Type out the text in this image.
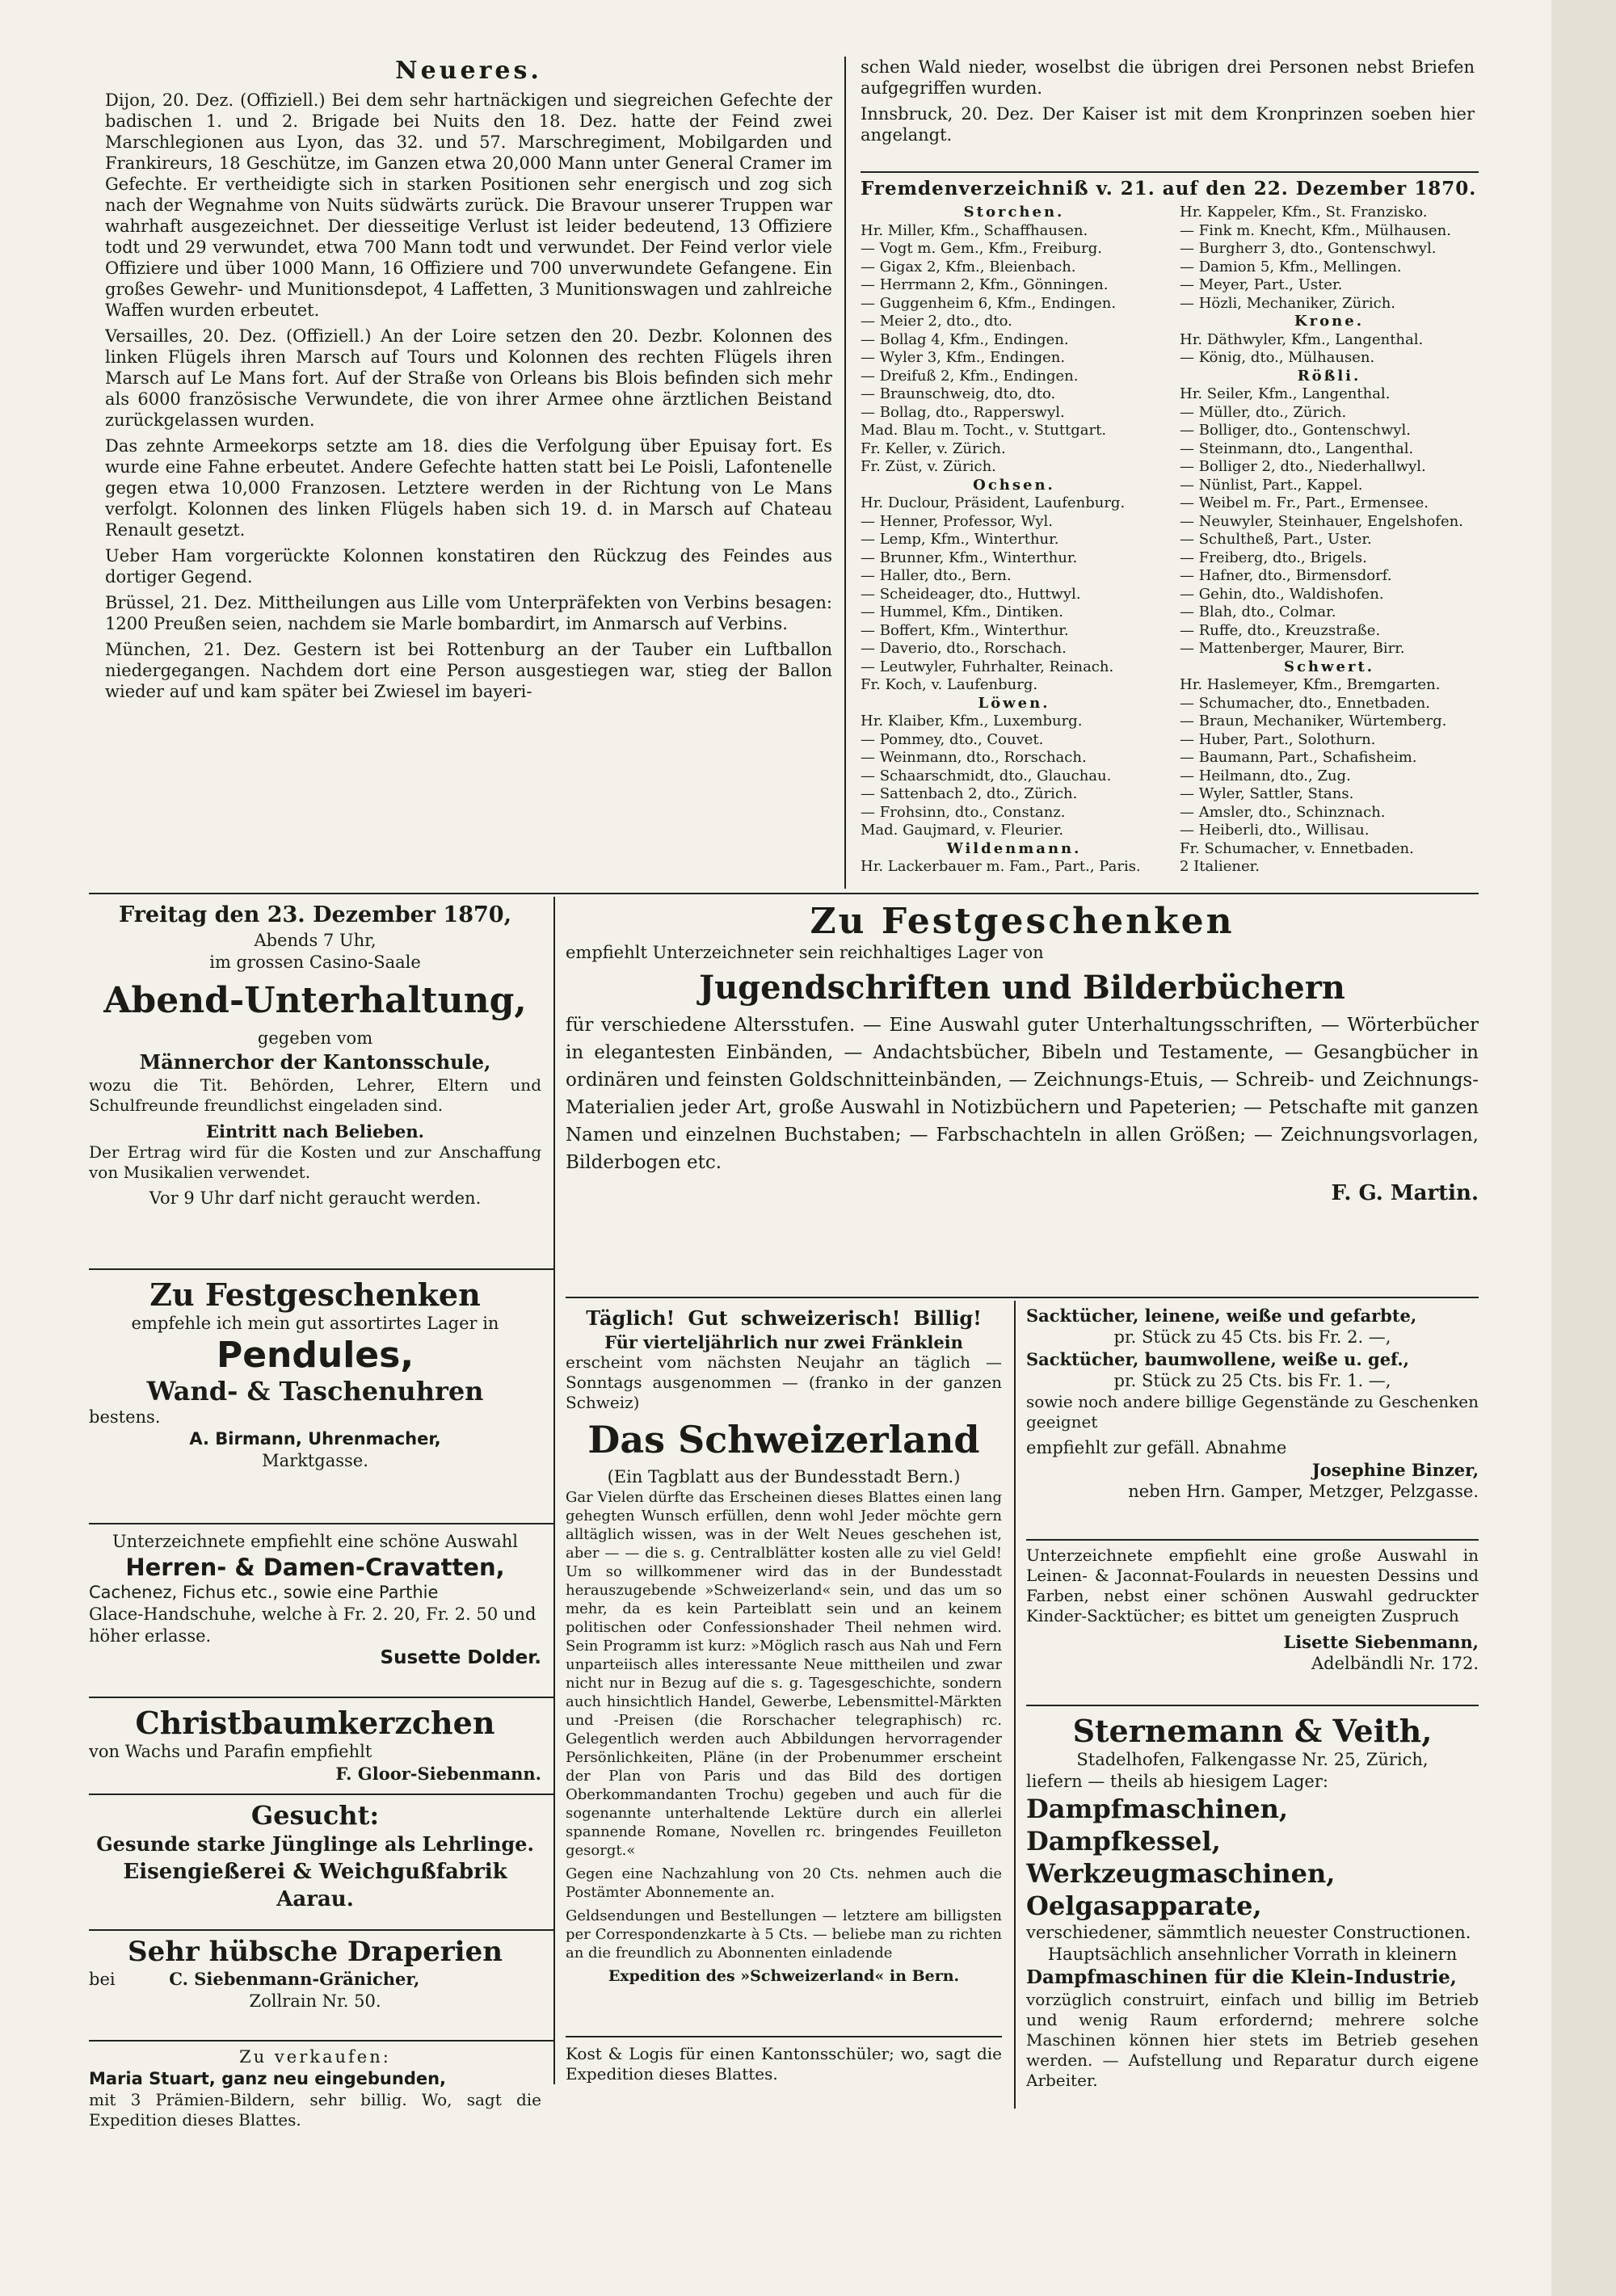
Neueres.

Dijon, 20. Dez. (Offiziell.) Bei dem sehr hartnäckigen und siegreichen Gefechte der badischen 1. und 2. Brigade bei Nuits den 18. Dez. hatte der Feind zwei Marschlegionen aus Lyon, das 32. und 57. Marschregiment, Mobilgarden und Frankireurs, 18 Geschütze, im Ganzen etwa 20,000 Mann unter General Cramer im Gefechte. Er vertheidigte sich in starken Positionen sehr energisch und zog sich nach der Wegnahme von Nuits südwärts zurück. Die Bravour unserer Truppen war wahrhaft ausgezeichnet. Der diesseitige Verlust ist leider bedeutend, 13 Offiziere todt und 29 verwundet, etwa 700 Mann todt und verwundet. Der Feind verlor viele Offiziere und über 1000 Mann, 16 Offiziere und 700 unverwundete Gefangene. Ein großes Gewehr- und Munitionsdepot, 4 Laffetten, 3 Munitionswagen und zahlreiche Waffen wurden erbeutet.

Versailles, 20. Dez. (Offiziell.) An der Loire setzen den 20. Dezbr. Kolonnen des linken Flügels ihren Marsch auf Tours und Kolonnen des rechten Flügels ihren Marsch auf Le Mans fort. Auf der Straße von Orleans bis Blois befinden sich mehr als 6000 französische Verwundete, die von ihrer Armee ohne ärztlichen Beistand zurückgelassen wurden.

Das zehnte Armeekorps setzte am 18. dies die Verfolgung über Epuisay fort. Es wurde eine Fahne erbeutet. Andere Gefechte hatten statt bei Le Poisli, Lafontenelle gegen etwa 10,000 Franzosen. Letztere werden in der Richtung von Le Mans verfolgt. Kolonnen des linken Flügels haben sich 19. d. in Marsch auf Chateau Renault gesetzt.

Ueber Ham vorgerückte Kolonnen konstatiren den Rückzug des Feindes aus dortiger Gegend.

Brüssel, 21. Dez. Mittheilungen aus Lille vom Unterpräfekten von Verbins besagen: 1200 Preußen seien, nachdem sie Marle bombardirt, im Anmarsch auf Verbins.

München, 21. Dez. Gestern ist bei Rottenburg an der Tauber ein Luftballon niedergegangen. Nachdem dort eine Person ausgestiegen war, stieg der Ballon wieder auf und kam später bei Zwiesel im bayeri-

schen Wald nieder, woselbst die übrigen drei Personen nebst Briefen aufgegriffen wurden.

Innsbruck, 20. Dez. Der Kaiser ist mit dem Kronprinzen soeben hier angelangt.

Fremdenverzeichniß v. 21. auf den 22. Dezember 1870.
Storchen.
Hr. Miller, Kfm., Schaffhausen.
— Vogt m. Gem., Kfm., Freiburg.
— Gigax 2, Kfm., Bleienbach.
— Herrmann 2, Kfm., Gönningen.
— Guggenheim 6, Kfm., Endingen.
— Meier 2, dto., dto.
— Bollag 4, Kfm., Endingen.
— Wyler 3, Kfm., Endingen.
— Dreifuß 2, Kfm., Endingen.
— Braunschweig, dto, dto.
— Bollag, dto., Rapperswyl.
Mad. Blau m. Tocht., v. Stuttgart.
Fr. Keller, v. Zürich.
Fr. Züst, v. Zürich.
Ochsen.
Hr. Duclour, Präsident, Laufenburg.
— Henner, Professor, Wyl.
— Lemp, Kfm., Winterthur.
— Brunner, Kfm., Winterthur.
— Haller, dto., Bern.
— Scheideager, dto., Huttwyl.
— Hummel, Kfm., Dintiken.
— Boffert, Kfm., Winterthur.
— Daverio, dto., Rorschach.
— Leutwyler, Fuhrhalter, Reinach.
Fr. Koch, v. Laufenburg.
Löwen.
Hr. Klaiber, Kfm., Luxemburg.
— Pommey, dto., Couvet.
— Weinmann, dto., Rorschach.
— Schaarschmidt, dto., Glauchau.
— Sattenbach 2, dto., Zürich.
— Frohsinn, dto., Constanz.
Mad. Gaujmard, v. Fleurier.
Wildenmann.
Hr. Lackerbauer m. Fam., Part., Paris.
Hr. Kappeler, Kfm., St. Franzisko.
— Fink m. Knecht, Kfm., Mülhausen.
— Burgherr 3, dto., Gontenschwyl.
— Damion 5, Kfm., Mellingen.
— Meyer, Part., Uster.
— Hözli, Mechaniker, Zürich.
Krone.
Hr. Däthwyler, Kfm., Langenthal.
— König, dto., Mülhausen.
Rößli.
Hr. Seiler, Kfm., Langenthal.
— Müller, dto., Zürich.
— Bolliger, dto., Gontenschwyl.
— Steinmann, dto., Langenthal.
— Bolliger 2, dto., Niederhallwyl.
— Nünlist, Part., Kappel.
— Weibel m. Fr., Part., Ermensee.
— Neuwyler, Steinhauer, Engelshofen.
— Schultheß, Part., Uster.
— Freiberg, dto., Brigels.
— Hafner, dto., Birmensdorf.
— Gehin, dto., Waldishofen.
— Blah, dto., Colmar.
— Ruffe, dto., Kreuzstraße.
— Mattenberger, Maurer, Birr.
Schwert.
Hr. Haslemeyer, Kfm., Bremgarten.
— Schumacher, dto., Ennetbaden.
— Braun, Mechaniker, Würtemberg.
— Huber, Part., Solothurn.
— Baumann, Part., Schafisheim.
— Heilmann, dto., Zug.
— Wyler, Sattler, Stans.
— Amsler, dto., Schinznach.
— Heiberli, dto., Willisau.
Fr. Schumacher, v. Ennetbaden.
2 Italiener.
Freitag den 23. Dezember 1870,
Abends 7 Uhr,
im grossen Casino-Saale
Abend-Unterhaltung,
gegeben vom
Männerchor der Kantonsschule,

wozu die Tit. Behörden, Lehrer, Eltern und Schulfreunde freundlichst eingeladen sind.

Eintritt nach Belieben.

Der Ertrag wird für die Kosten und zur Anschaffung von Musikalien verwendet.

Vor 9 Uhr darf nicht geraucht werden.
Zu Festgeschenken
empfiehlt Unterzeichneter sein reichhaltiges Lager von
Jugendschriften und Bilderbüchern

für verschiedene Altersstufen. — Eine Auswahl guter Unterhaltungsschriften, — Wörterbücher in elegantesten Einbänden, — Andachtsbücher, Bibeln und Testamente, — Gesangbücher in ordinären und feinsten Goldschnitteinbänden, — Zeichnungs-Etuis, — Schreib- und Zeichnungs-Materialien jeder Art, große Auswahl in Notizbüchern und Papeterien; — Petschafte mit ganzen Namen und einzelnen Buchstaben; — Farbschachteln in allen Größen; — Zeichnungsvorlagen, Bilderbogen etc.

F. G. Martin.
Zu Festgeschenken
empfehle ich mein gut assortirtes Lager in
Pendules,
Wand- & Taschenuhren
bestens.
A. Birmann, Uhrenmacher,
Marktgasse.
Unterzeichnete empfiehlt eine schöne Auswahl
Herren- & Damen-Cravatten,
Cachenez, Fichus etc., sowie eine Parthie
Glace-Handschuhe, welche à Fr. 2. 20, Fr. 2. 50 und höher erlasse.
Susette Dolder.
Christbaumkerzchen
von Wachs und Parafin empfiehlt
F. Gloor-Siebenmann.
Gesucht:
Gesunde starke Jünglinge als Lehrlinge.
Eisengießerei & Weichgußfabrik
Aarau.
Sehr hübsche Draperien
bei	C. Siebenmann-Gränicher,
Zollrain Nr. 50.
Zu verkaufen:
Maria Stuart, ganz neu eingebunden,

mit 3 Prämien-Bildern, sehr billig. Wo, sagt die Expedition dieses Blattes.

Täglich! Gut schweizerisch! Billig!
Für vierteljährlich nur zwei Fränklein

erscheint vom nächsten Neujahr an täglich — Sonntags ausgenommen — (franko in der ganzen Schweiz)

Das Schweizerland
(Ein Tagblatt aus der Bundesstadt Bern.)

Gar Vielen dürfte das Erscheinen dieses Blattes einen lang gehegten Wunsch erfüllen, denn wohl Jeder möchte gern alltäglich wissen, was in der Welt Neues geschehen ist, aber — — die s. g. Centralblätter kosten alle zu viel Geld! Um so willkommener wird das in der Bundesstadt herauszugebende »Schweizerland« sein, und das um so mehr, da es kein Parteiblatt sein und an keinem politischen oder Confessionshader Theil nehmen wird. Sein Programm ist kurz: »Möglich rasch aus Nah und Fern unparteiisch alles interessante Neue mittheilen und zwar nicht nur in Bezug auf die s. g. Tagesgeschichte, sondern auch hinsichtlich Handel, Gewerbe, Lebensmittel-Märkten und -Preisen (die Rorschacher telegraphisch) rc. Gelegentlich werden auch Abbildungen hervorragender Persönlichkeiten, Pläne (in der Probenummer erscheint der Plan von Paris und das Bild des dortigen Oberkommandanten Trochu) gegeben und auch für die sogenannte unterhaltende Lektüre durch ein allerlei spannende Romane, Novellen rc. bringendes Feuilleton gesorgt.«

Gegen eine Nachzahlung von 20 Cts. nehmen auch die Postämter Abonnemente an.

Geldsendungen und Bestellungen — letztere am billigsten per Correspondenzkarte à 5 Cts. — beliebe man zu richten an die freundlich zu Abonnenten einladende

Expedition des »Schweizerland« in Bern.

Kost & Logis für einen Kantonsschüler; wo, sagt die Expedition dieses Blattes.

Sacktücher, leinene, weiße und gefarbte,
pr. Stück zu 45 Cts. bis Fr. 2. —,
Sacktücher, baumwollene, weiße u. gef.,
pr. Stück zu 25 Cts. bis Fr. 1. —,

sowie noch andere billige Gegenstände zu Geschenken geeignet

empfiehlt zur gefäll. Abnahme
Josephine Binzer,
neben Hrn. Gamper, Metzger, Pelzgasse.

Unterzeichnete empfiehlt eine große Auswahl in Leinen- & Jaconnat-Foulards in neuesten Dessins und Farben, nebst einer schönen Auswahl gedruckter Kinder-Sacktücher; es bittet um geneigten Zuspruch

Lisette Siebenmann,
Adelbändli Nr. 172.
Sternemann & Veith,
Stadelhofen, Falkengasse Nr. 25, Zürich,
liefern — theils ab hiesigem Lager:
Dampfmaschinen,
Dampfkessel,
Werkzeugmaschinen,
Oelgasapparate,
verschiedener, sämmtlich neuester Constructionen.
Hauptsächlich ansehnlicher Vorrath in kleinern
Dampfmaschinen für die Klein-Industrie,

vorzüglich construirt, einfach und billig im Betrieb und wenig Raum erfordernd; mehrere solche Maschinen können hier stets im Betrieb gesehen werden. — Aufstellung und Reparatur durch eigene Arbeiter.
